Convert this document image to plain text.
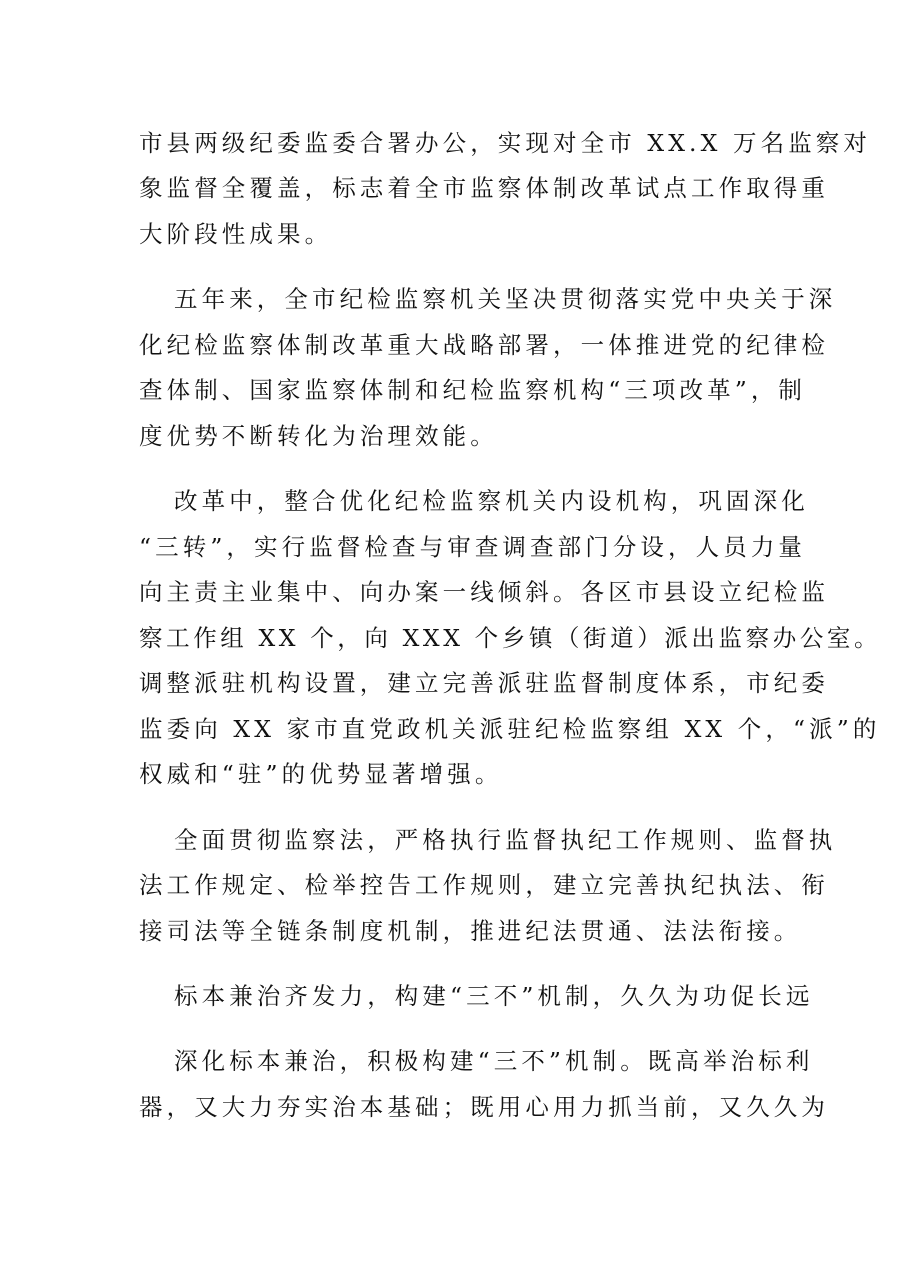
市县两级纪委监委合署办公，实现对全市 XX.X 万名监察对
象监督全覆盖，标志着全市监察体制改革试点工作取得重
大阶段性成果。
五年来，全市纪检监察机关坚决贯彻落实党中央关于深
化纪检监察体制改革重大战略部署，一体推进党的纪律检
查体制、国家监察体制和纪检监察机构“三项改革”，制
度优势不断转化为治理效能。
改革中，整合优化纪检监察机关内设机构，巩固深化
“三转”，实行监督检查与审查调查部门分设，人员力量
向主责主业集中、向办案一线倾斜。各区市县设立纪检监
察工作组 XX 个，向 XXX 个乡镇（街道）派出监察办公室。
调整派驻机构设置，建立完善派驻监督制度体系，市纪委
监委向 XX 家市直党政机关派驻纪检监察组 XX 个，“派”的
权威和“驻”的优势显著增强。
全面贯彻监察法，严格执行监督执纪工作规则、监督执
法工作规定、检举控告工作规则，建立完善执纪执法、衔
接司法等全链条制度机制，推进纪法贯通、法法衔接。
标本兼治齐发力，构建“三不”机制，久久为功促长远
深化标本兼治，积极构建“三不”机制。既高举治标利
器，又大力夯实治本基础；既用心用力抓当前，又久久为
